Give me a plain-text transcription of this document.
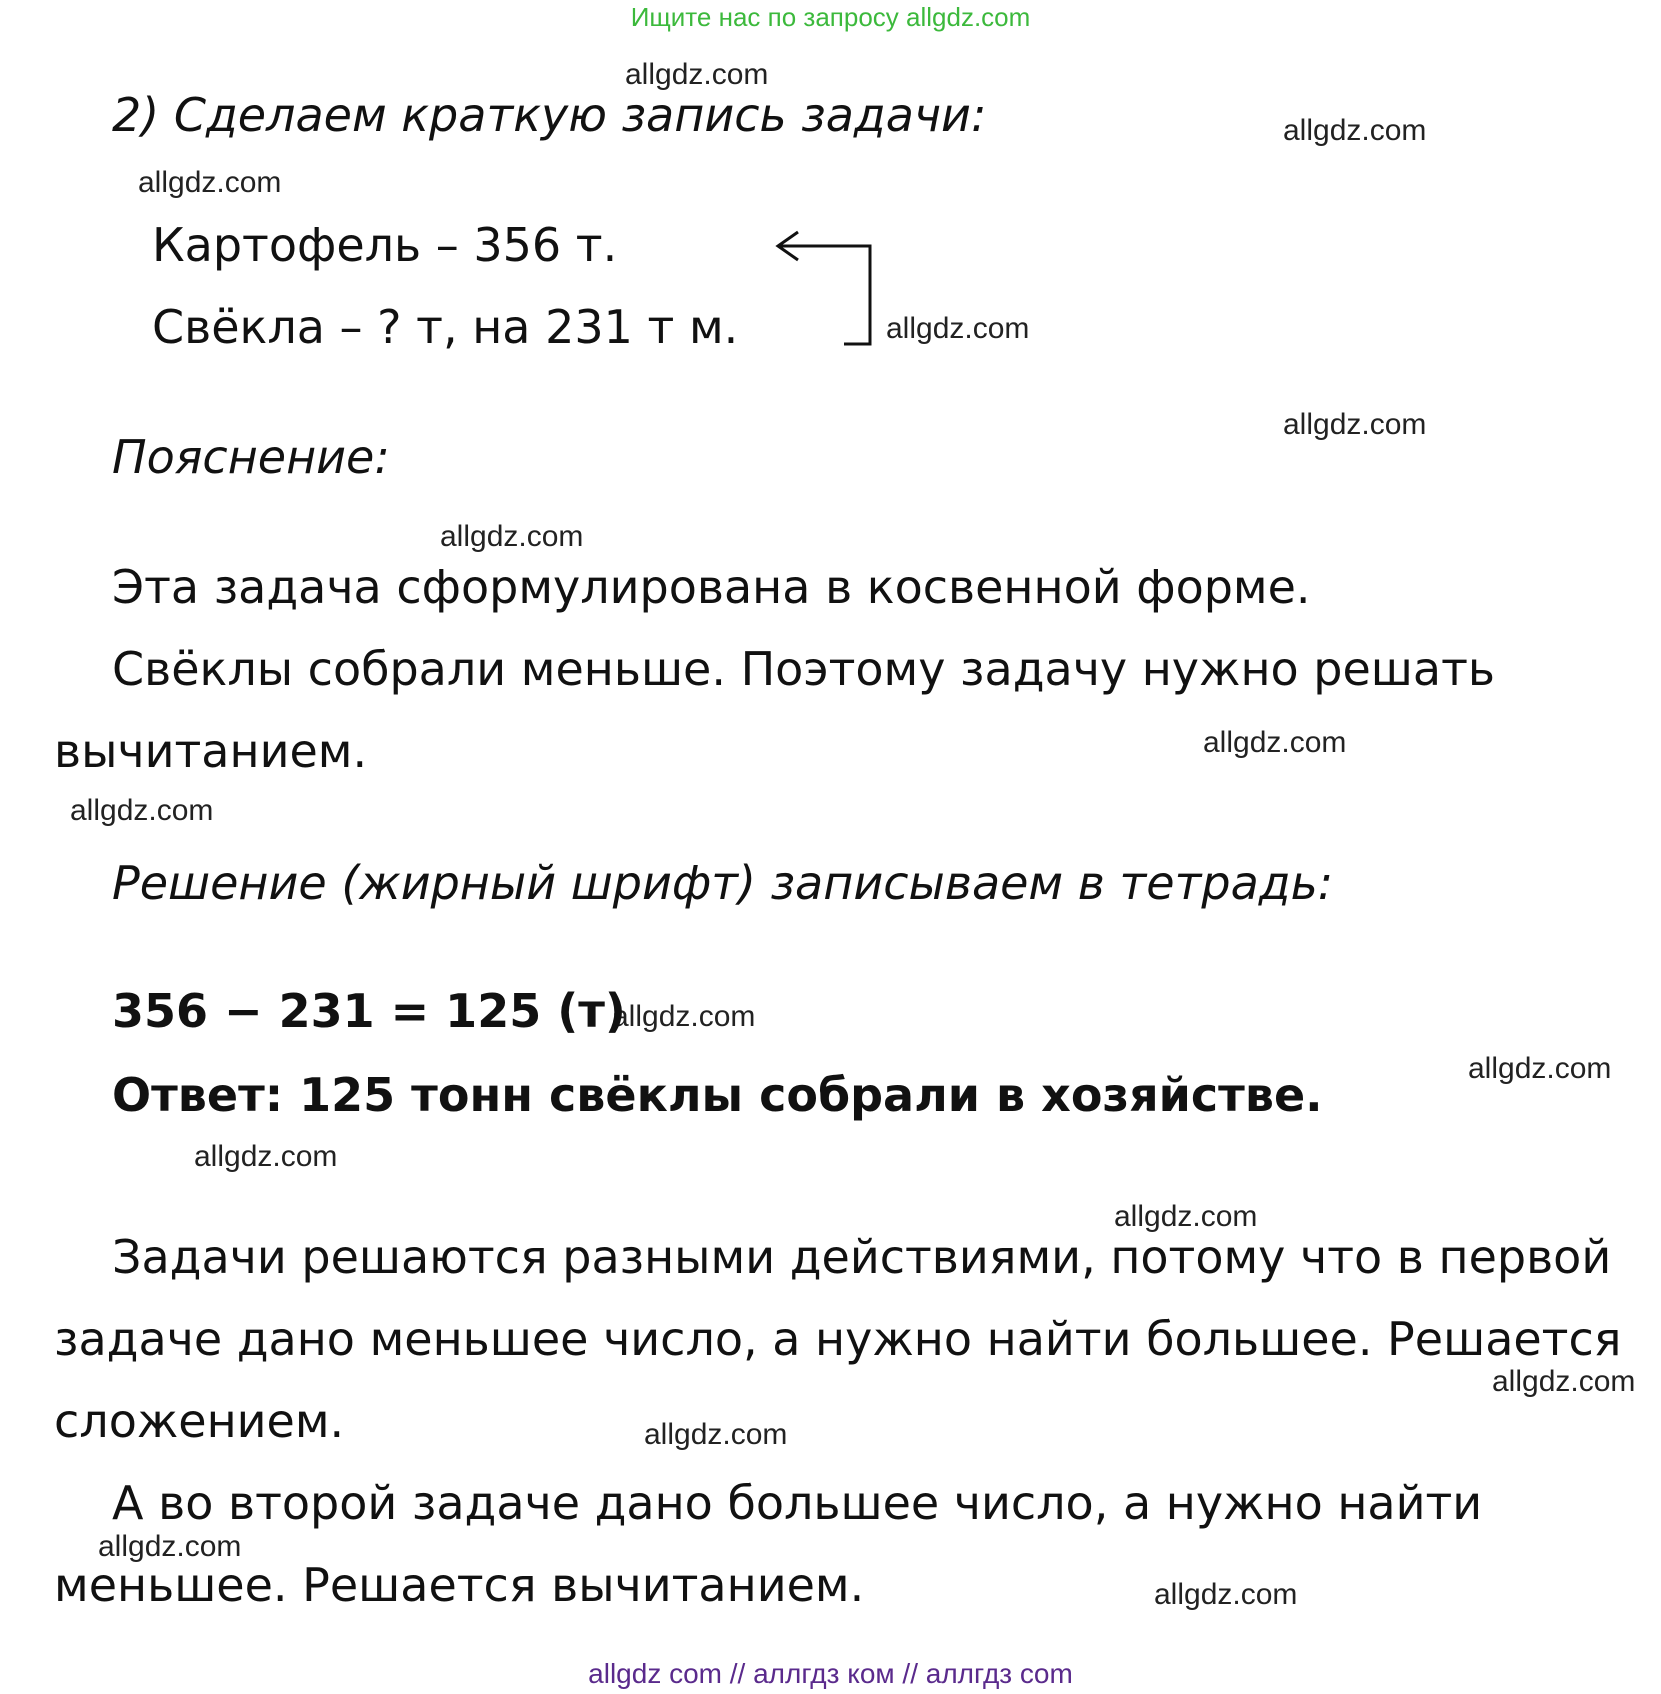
Ищите нас по запросу allgdz.com
allgdz.com
allgdz.com
allgdz.com
allgdz.com
allgdz.com
allgdz.com
allgdz.com
allgdz.com
allgdz.com
allgdz.com
allgdz.com
allgdz.com
allgdz.com
allgdz.com
allgdz.com
allgdz.com
2) Сделаем краткую запись задачи:
Картофель – 356 т.
Свёкла – ? т, на 231 т м.
Пояснение:
Эта задача сформулирована в косвенной форме.
Свёклы собрали меньше. Поэтому задачу нужно решать
вычитанием.
Решение (жирный шрифт) записываем в тетрадь:
356 − 231 = 125 (т)
Ответ: 125 тонн свёклы собрали в хозяйстве.
Задачи решаются разными действиями, потому что в первой
задаче дано меньшее число, а нужно найти большее. Решается
сложением.
А во второй задаче дано большее число, а нужно найти
меньшее. Решается вычитанием.
allgdz com // аллгдз ком // аллгдз com
